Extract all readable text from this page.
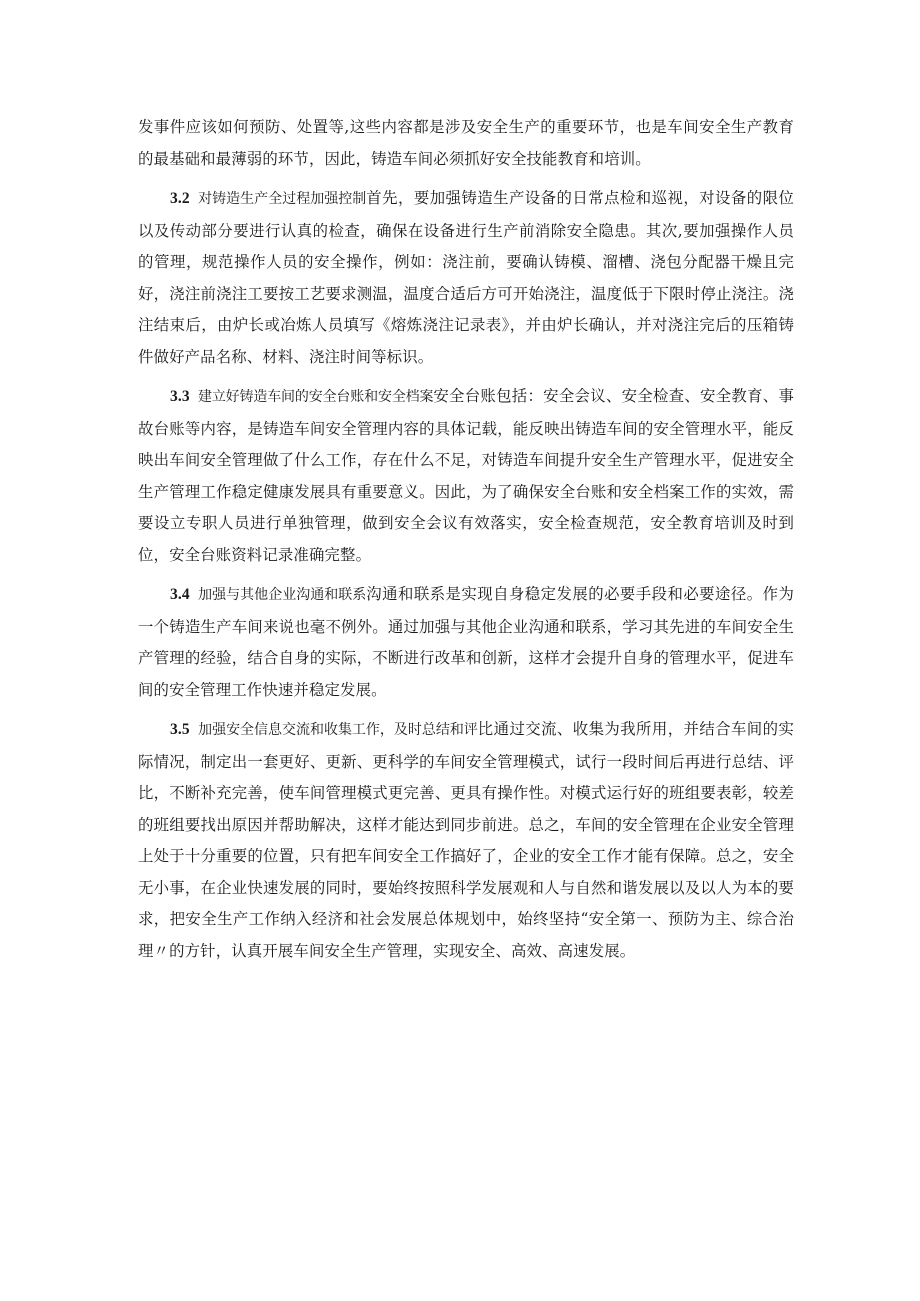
发事件应该如何预防、处置等,这些内容都是涉及安全生产的重要环节，也是车间安全生产教育的最基础和最薄弱的环节，因此，铸造车间必须抓好安全技能教育和培训。

3.2 对铸造生产全过程加强控制首先，要加强铸造生产设备的日常点检和巡视，对设备的限位以及传动部分要进行认真的检查，确保在设备进行生产前消除安全隐患。其次,要加强操作人员的管理，规范操作人员的安全操作，例如：浇注前，要确认铸模、溜槽、浇包分配器干燥且完好，浇注前浇注工要按工艺要求测温，温度合适后方可开始浇注，温度低于下限时停止浇注。浇注结束后，由炉长或冶炼人员填写《熔炼浇注记录表》，并由炉长确认，并对浇注完后的压箱铸件做好产品名称、材料、浇注时间等标识。

3.3 建立好铸造车间的安全台账和安全档案安全台账包括：安全会议、安全检查、安全教育、事故台账等内容，是铸造车间安全管理内容的具体记载，能反映出铸造车间的安全管理水平，能反映出车间安全管理做了什么工作，存在什么不足，对铸造车间提升安全生产管理水平，促进安全生产管理工作稳定健康发展具有重要意义。因此，为了确保安全台账和安全档案工作的实效，需要设立专职人员进行单独管理，做到安全会议有效落实，安全检查规范，安全教育培训及时到位，安全台账资料记录准确完整。

3.4 加强与其他企业沟通和联系沟通和联系是实现自身稳定发展的必要手段和必要途径。作为一个铸造生产车间来说也毫不例外。通过加强与其他企业沟通和联系，学习其先进的车间安全生产管理的经验，结合自身的实际，不断进行改革和创新，这样才会提升自身的管理水平，促进车间的安全管理工作快速并稳定发展。

3.5 加强安全信息交流和收集工作，及时总结和评比通过交流、收集为我所用，并结合车间的实际情况，制定出一套更好、更新、更科学的车间安全管理模式，试行一段时间后再进行总结、评比，不断补充完善，使车间管理模式更完善、更具有操作性。对模式运行好的班组要表彰，较差的班组要找出原因并帮助解决，这样才能达到同步前进。总之，车间的安全管理在企业安全管理上处于十分重要的位置，只有把车间安全工作搞好了，企业的安全工作才能有保障。总之，安全无小事，在企业快速发展的同时，要始终按照科学发展观和人与自然和谐发展以及以人为本的要求，把安全生产工作纳入经济和社会发展总体规划中，始终坚持“安全第一、预防为主、综合治理〃的方针，认真开展车间安全生产管理，实现安全、高效、高速发展。
